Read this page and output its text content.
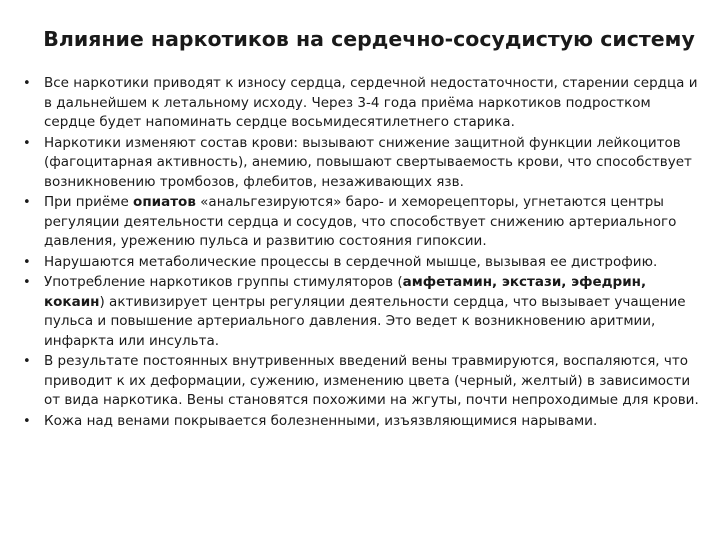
Влияние наркотиков на сердечно-сосудистую систему
• Все наркотики приводят к износу сердца, сердечной недостаточности, старении сердца и в дальнейшем к летальному исходу. Через 3-4 года приёма наркотиков подростком сердце будет напоминать сердце восьмидесятилетнего старика.
• Наркотики изменяют состав крови: вызывают снижение защитной функции лейкоцитов (фагоцитарная активность), анемию, повышают свертываемость крови, что способствует возникновению тромбозов, флебитов, незаживающих язв.
• При приёме опиатов «анальгезируются» баро- и хеморецепторы, угнетаются центры регуляции деятельности сердца и сосудов, что способствует снижению артериального давления, урежению пульса и развитию состояния гипоксии.
• Нарушаются метаболические процессы в сердечной мышце, вызывая ее дистрофию.
• Употребление наркотиков группы стимуляторов (амфетамин, экстази, эфедрин, кокаин) активизирует центры регуляции деятельности сердца, что вызывает учащение пульса и повышение артериального давления. Это ведет к возникновению аритмии, инфаркта или инсульта.
• В результате постоянных внутривенных введений вены травмируются, воспаляются, что приводит к их деформации, сужению, изменению цвета (черный, желтый) в зависимости от вида наркотика. Вены становятся похожими на жгуты, почти непроходимые для крови.
• Кожа над венами покрывается болезненными, изъязвляющимися нарывами.
